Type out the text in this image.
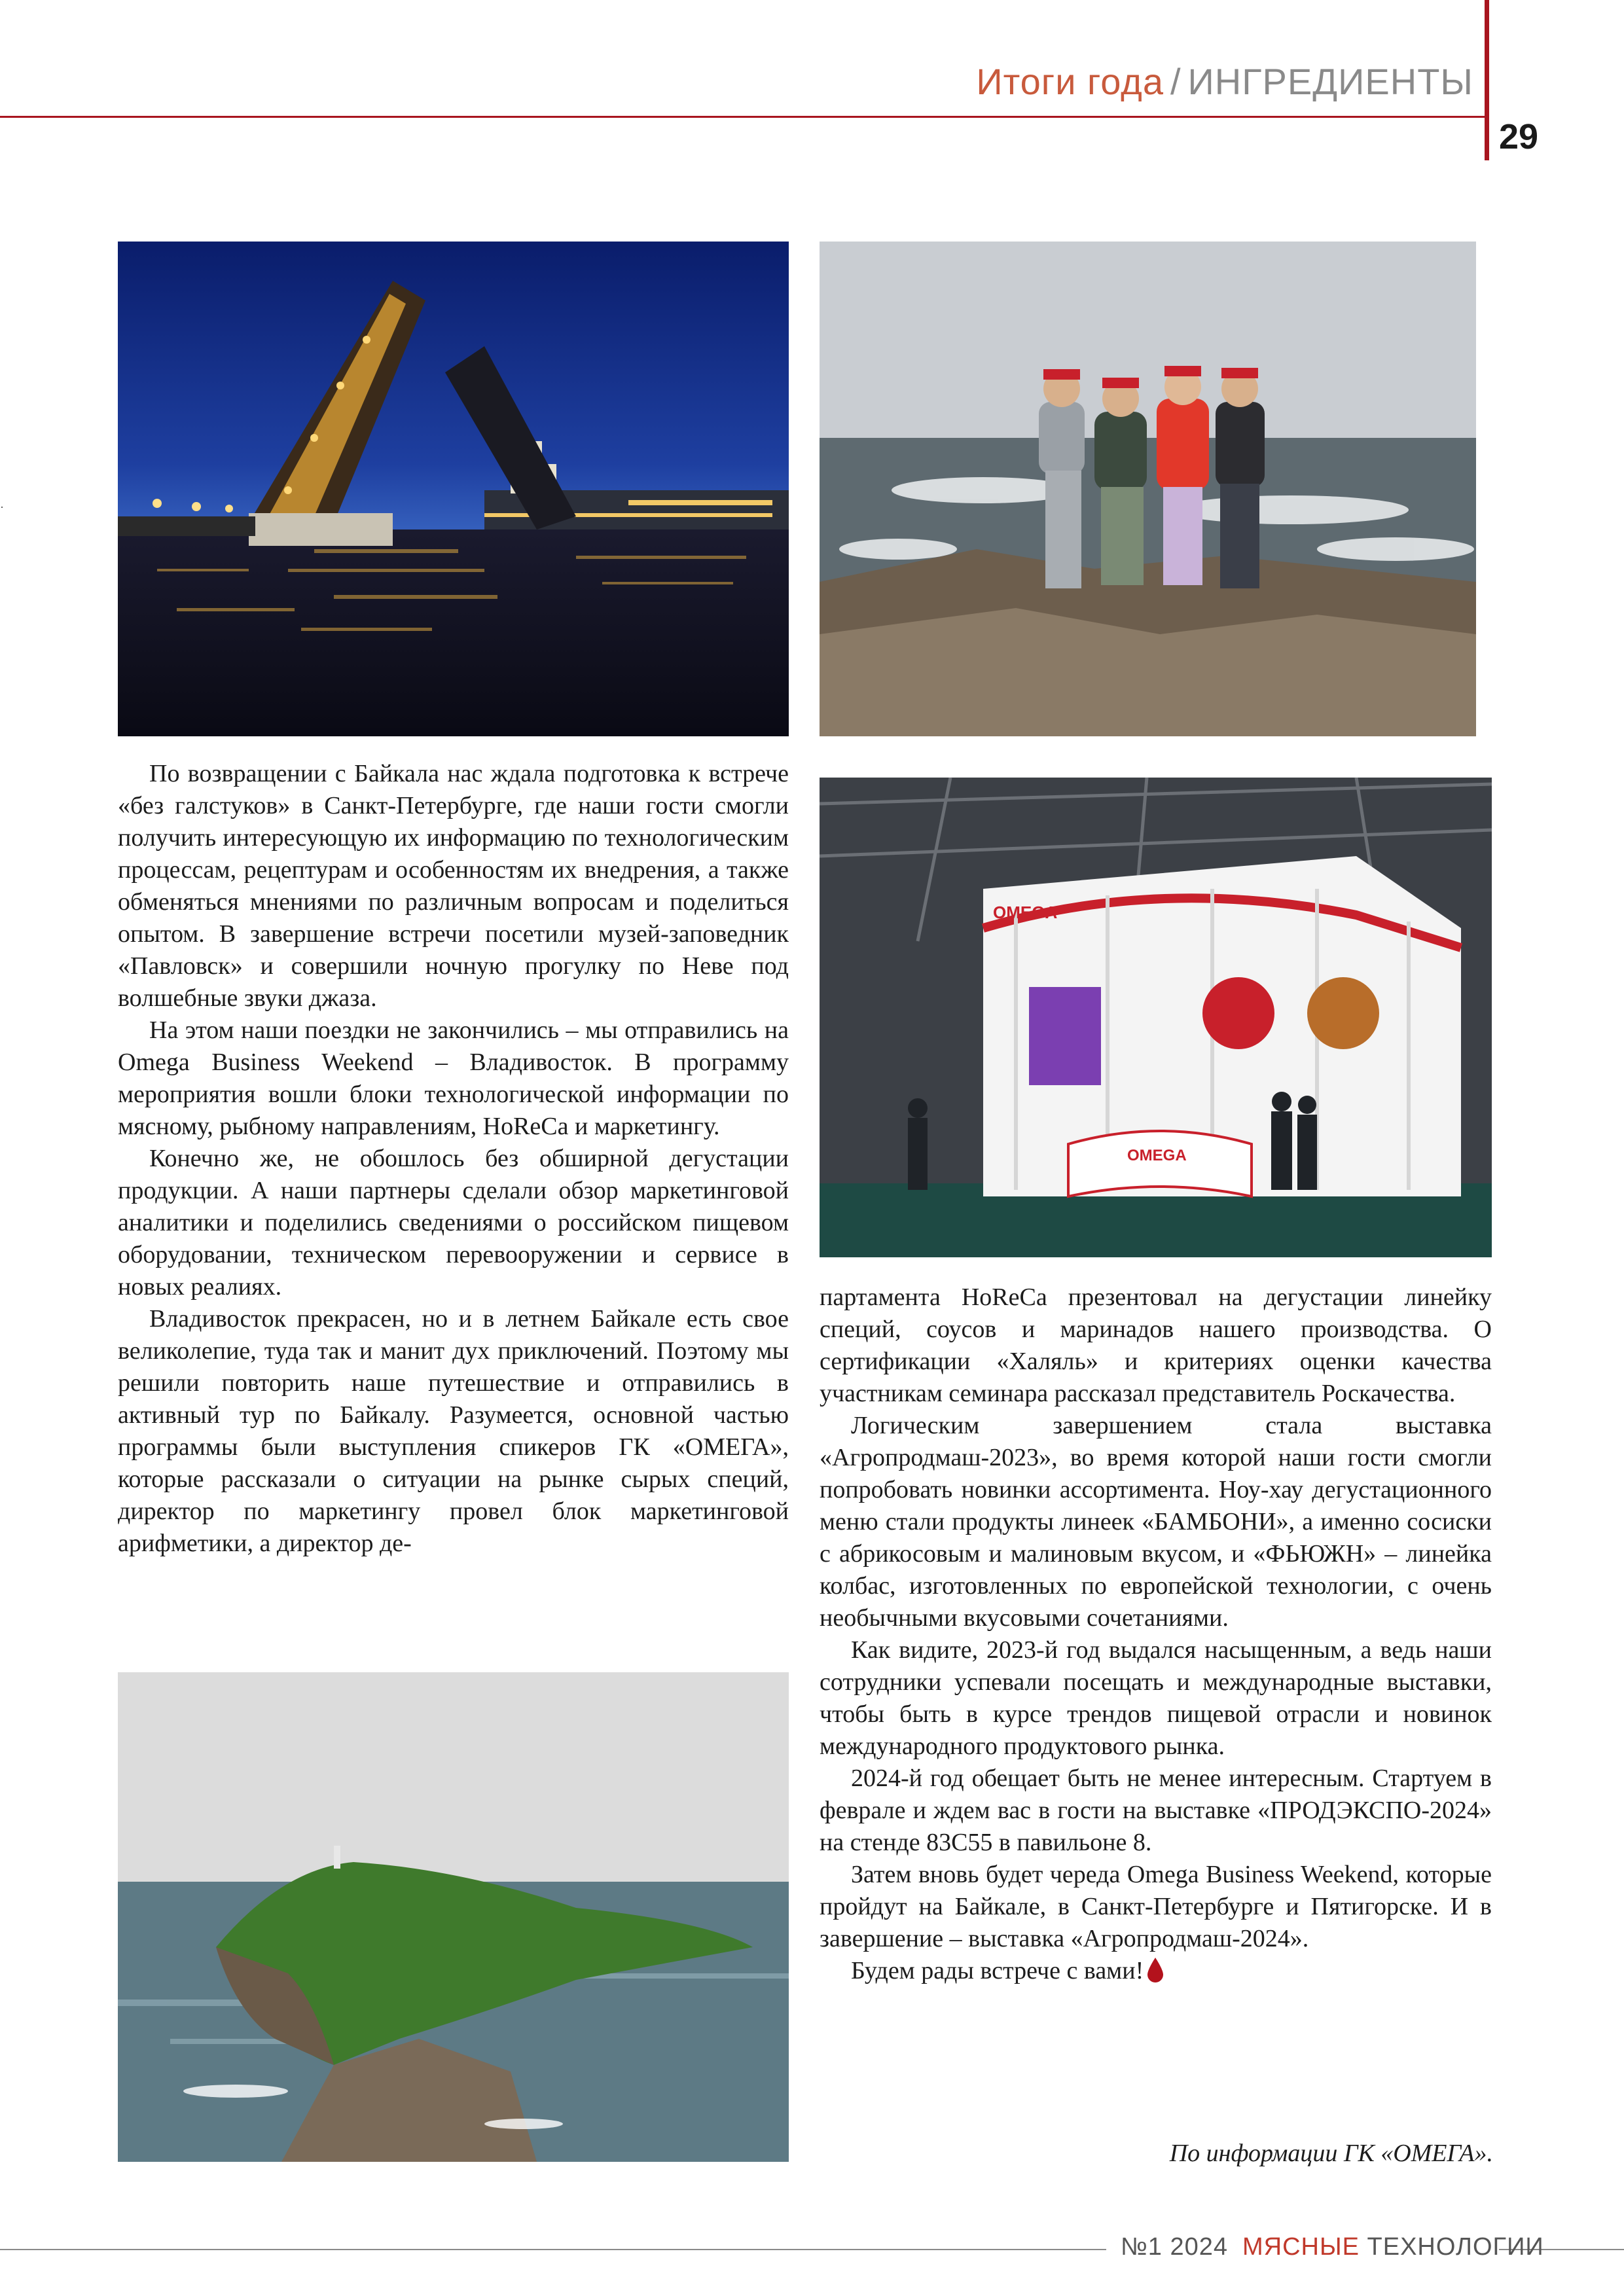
Итоги года / ИНГРЕДИЕНТЫ
29
·
OMEGA
OMEGA

По возвращении с Байкала нас ждала подготовка к встрече «без галстуков» в Санкт-Петербурге, где наши гости смогли получить интересующую их информацию по технологическим процессам, рецептурам и особенностям их внедрения, а также обменяться мнениями по различным вопросам и поделиться опытом. В завершение встречи посетили музей-заповедник «Павловск» и совершили ночную прогулку по Неве под волшебные звуки джаза.

На этом наши поездки не закончились – мы отправились на Omega Business Weekend – Владивосток. В программу мероприятия вошли блоки технологической информации по мясному, рыбному направлениям, HoReCa и маркетингу.

Конечно же, не обошлось без обширной дегустации продукции. А наши партнеры сделали обзор маркетинговой аналитики и поделились сведениями о российском пищевом оборудовании, техническом перевооружении и сервисе в новых реалиях.

Владивосток прекрасен, но и в летнем Байкале есть свое великолепие, туда так и манит дух приключений. Поэтому мы решили повторить наше путешествие и отправились в активный тур по Байкалу. Разумеется, основной частью программы были выступления спикеров ГК «ОМЕГА», которые рассказали о ситуации на рынке сырых специй, директор по маркетингу провел блок маркетинговой арифметики, а директор де-

партамента HoReCa презентовал на дегустации линейку специй, соусов и маринадов нашего производства. О сертификации «Халяль» и критериях оценки качества участникам семинара рассказал представитель Роскачества.

Логическим завершением стала выставка «Агропродмаш-2023», во время которой наши гости смогли попробовать новинки ассортимента. Ноу-хау дегустационного меню стали продукты линеек «БАМБОНИ», а именно сосиски с абрикосовым и малиновым вкусом, и «ФЬЮЖН» – линейка колбас, изготовленных по европейской технологии, с очень необычными вкусовыми сочетаниями.

Как видите, 2023-й год выдался насыщенным, а ведь наши сотрудники успевали посещать и международные выставки, чтобы быть в курсе трендов пищевой отрасли и новинок международного продуктового рынка.

2024-й год обещает быть не менее интересным. Стартуем в феврале и ждем вас в гости на выставке «ПРОДЭКСПО-2024» на стенде 83С55 в павильоне 8.

Затем вновь будет череда Omega Business Weekend, которые пройдут на Байкале, в Санкт-Петербурге и Пятигорске. И в завершение – выставка «Агропродмаш-2024».

Будем рады встрече с вами!

По информации ГК «ОМЕГА».
№1 2024 МЯСНЫЕ ТЕХНОЛОГИИ
